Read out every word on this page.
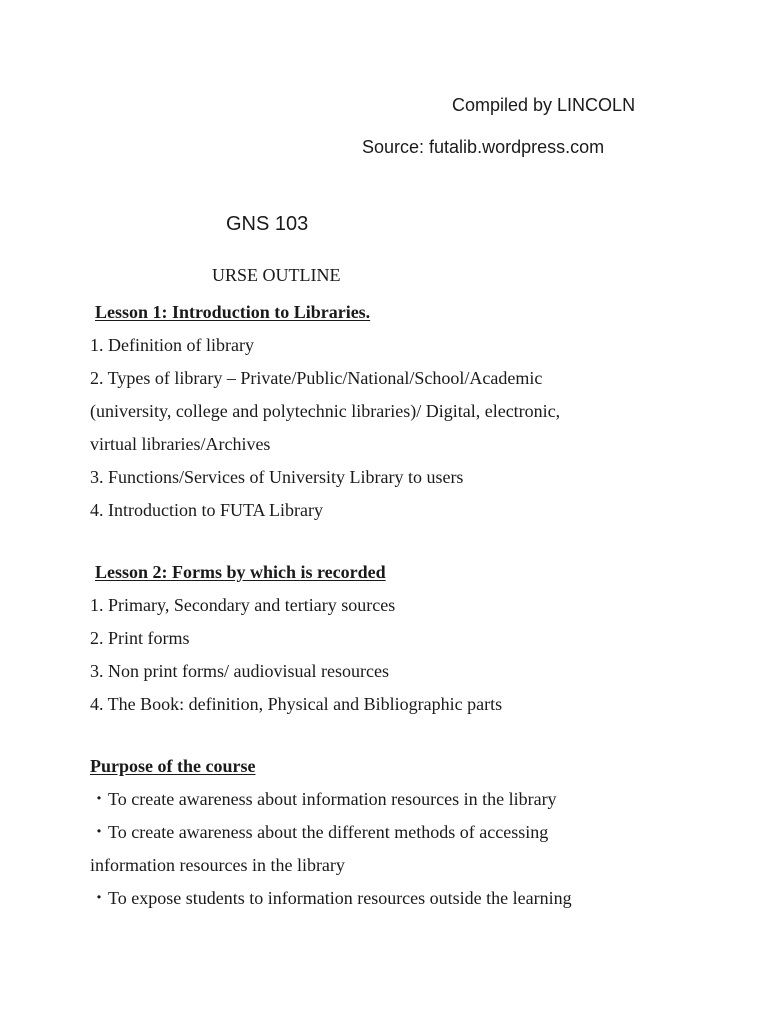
Compiled by LINCOLN
Source: futalib.wordpress.com
GNS 103
URSE OUTLINE
Lesson 1: Introduction to Libraries.
1. Definition of library
2. Types of library – Private/Public/National/School/Academic
(university, college and polytechnic libraries)/ Digital, electronic,
virtual libraries/Archives
3. Functions/Services of University Library to users
4. Introduction to FUTA Library
Lesson 2: Forms by which is recorded
1. Primary, Secondary and tertiary sources
2. Print forms
3. Non print forms/ audiovisual resources
4. The Book: definition, Physical and Bibliographic parts
Purpose of the course
・To create awareness about information resources in the library
・To create awareness about the different methods of accessing
information resources in the library
・To expose students to information resources outside the learning
